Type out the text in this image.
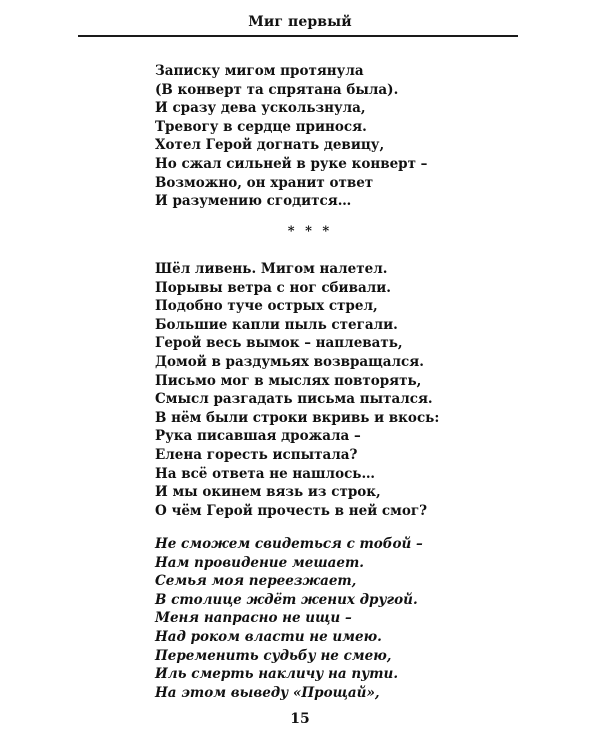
Миг первый
Записку мигом протянула
(В конверт та спрятана была).
И сразу дева ускользнула,
Тревогу в сердце принося.
Хотел Герой догнать девицу,
Но сжал сильней в руке конверт –
Возможно, он хранит ответ
И разумению сгодится…
* * *
Шёл ливень. Мигом налетел.
Порывы ветра с ног сбивали.
Подобно туче острых стрел,
Большие капли пыль стегали.
Герой весь вымок – наплевать,
Домой в раздумьях возвращался.
Письмо мог в мыслях повторять,
Смысл разгадать письма пытался.
В нём были строки вкривь и вкось:
Рука писавшая дрожала –
Елена горесть испытала?
На всё ответа не нашлось…
И мы окинем вязь из строк,
О чём Герой прочесть в ней смог?
Не сможем свидеться с тобой –
Нам провидение мешает.
Семья моя переезжает,
В столице ждёт жених другой.
Меня напрасно не ищи –
Над роком власти не имею.
Переменить судьбу не смею,
Иль смерть накличу на пути.
На этом выведу «Прощай»,
15
